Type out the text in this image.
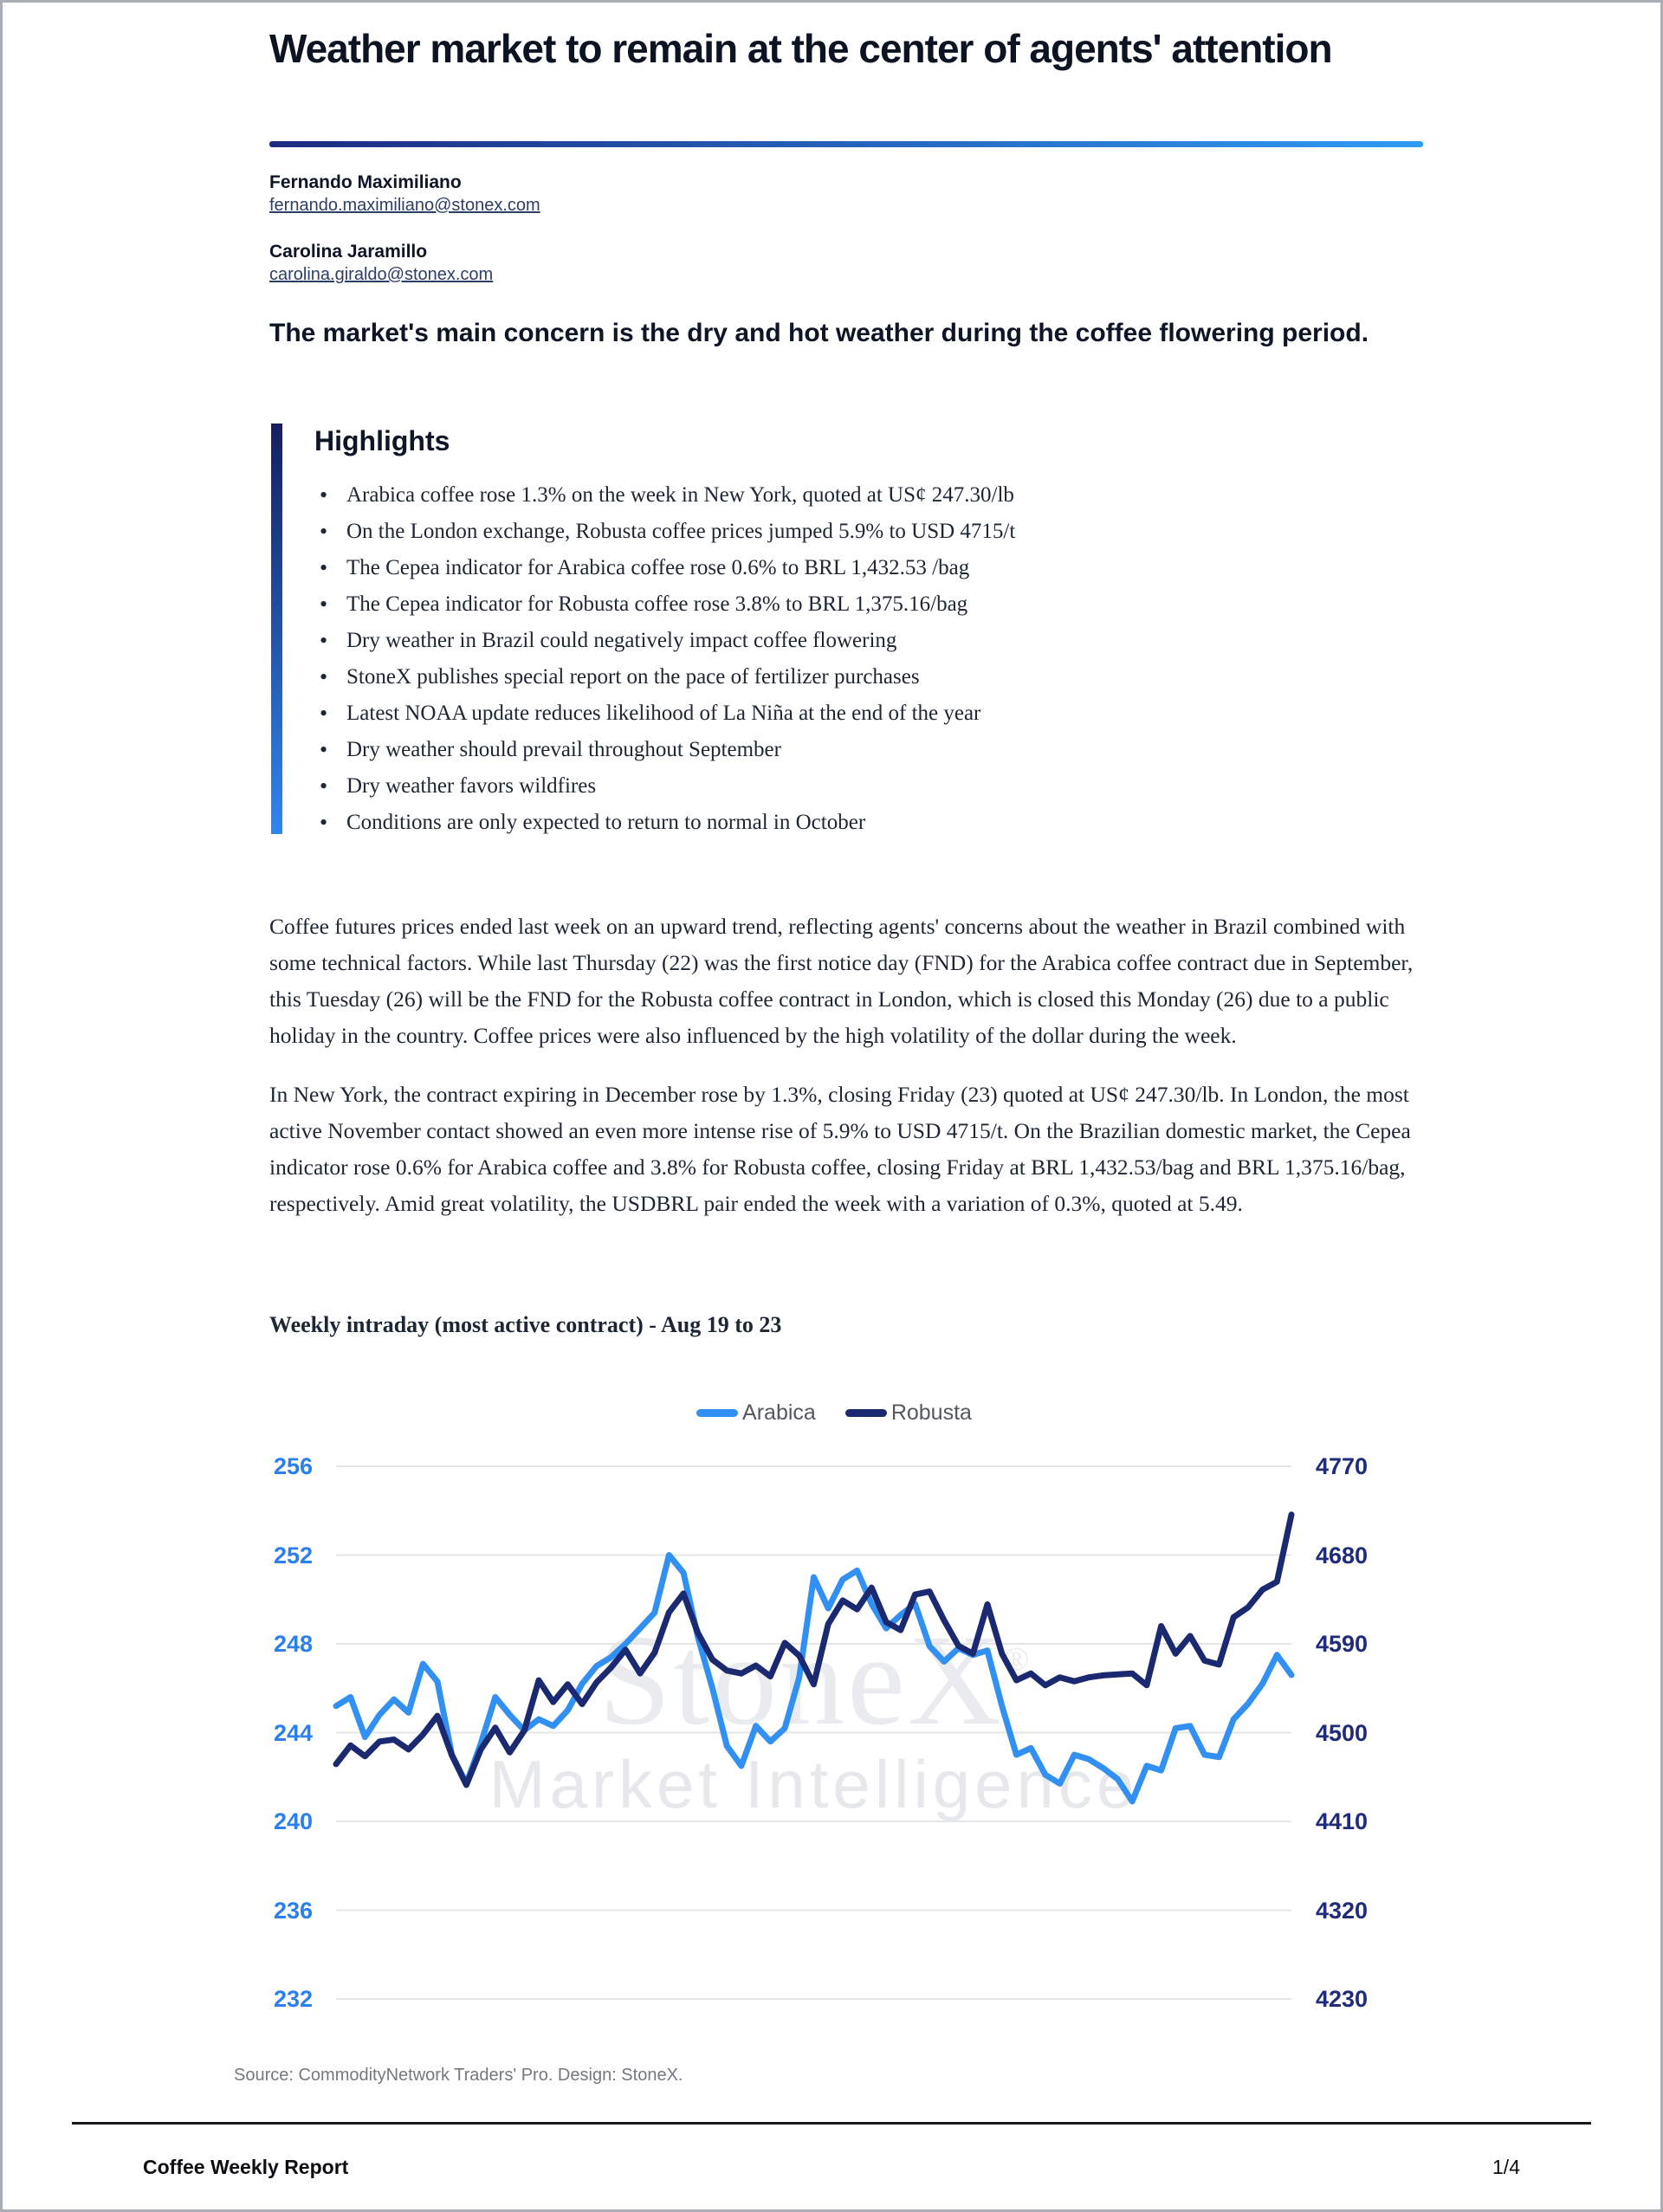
Weather market to remain at the center of agents' attention
Fernando Maximiliano
fernando.maximiliano@stonex.com
Carolina Jaramillo
carolina.giraldo@stonex.com
The market's main concern is the dry and hot weather during the coffee flowering period.
Highlights
• Arabica coffee rose 1.3% on the week in New York, quoted at US¢ 247.30/lb
• On the London exchange, Robusta coffee prices jumped 5.9% to USD 4715/t
• The Cepea indicator for Arabica coffee rose 0.6% to BRL 1,432.53 /bag
• The Cepea indicator for Robusta coffee rose 3.8% to BRL 1,375.16/bag
• Dry weather in Brazil could negatively impact coffee flowering
• StoneX publishes special report on the pace of fertilizer purchases
• Latest NOAA update reduces likelihood of La Niña at the end of the year
• Dry weather should prevail throughout September
• Dry weather favors wildfires
• Conditions are only expected to return to normal in October

Coffee futures prices ended last week on an upward trend, reflecting agents' concerns about the weather in Brazil combined with some technical factors. While last Thursday (22) was the first notice day (FND) for the Arabica coffee contract due in September, this Tuesday (26) will be the FND for the Robusta coffee contract in London, which is closed this Monday (26) due to a public holiday in the country. Coffee prices were also influenced by the high volatility of the dollar during the week.

In New York, the contract expiring in December rose by 1.3%, closing Friday (23) quoted at US¢ 247.30/lb. In London, the most active November contact showed an even more intense rise of 5.9% to USD 4715/t. On the Brazilian domestic market, the Cepea indicator rose 0.6% for Arabica coffee and 3.8% for Robusta coffee, closing Friday at BRL 1,432.53/bag and BRL 1,375.16/bag, respectively. Amid great volatility, the USDBRL pair ended the week with a variation of 0.3%, quoted at 5.49.

Weekly intraday (most active contract) - Aug 19 to 23
Arabica	Robusta
StoneX®
Market Intelligence
256
252
248
244
240
236
232
4770
4680
4590
4500
4410
4320
4230
Source: CommodityNetwork Traders' Pro. Design: StoneX.
Coffee Weekly Report	1/4
